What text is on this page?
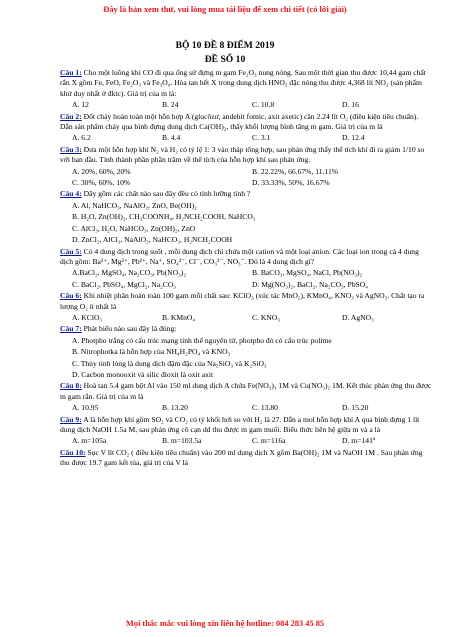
Đây là bản xem thử, vui lòng mua tài liệu để xem chi tiết (có lời giải)
BỘ 10 ĐỀ 8 ĐIỂM 2019
ĐỀ SỐ 10

Câu 1: Cho một luồng khí CO đi qua ống sứ đựng m gam Fe₂O₃ nung nóng. Sau một thời gian thu được 10,44 gam chất rắn X gồm Fe, FeO, Fe₂O₃ và Fe₃O₄. Hòa tan hết X trong dung dịch HNO₃ đặc nóng thu được 4,368 lít NO₂ (sản phẩm khử duy nhất ở đktc). Giá trị của m là:

A. 12	B. 24	C. 10.8	D. 16

Câu 2: Đốt cháy hoàn toàn một hỗn hợp A (glucôzơ, andehit fomic, axit axetic) cần 2.24 lít O₂ (điều kiện tiêu chuẩn). Dẫn sản phẩm cháy qua bình đựng dung dịch Ca(OH)₂, thấy khối lượng bình tăng m gam. Giá trị của m là

A. 6.2	B. 4.4	C. 3.1	D. 12.4

Câu 3: Đưa một hỗn hợp khí N₂ và H₂ có tỷ lệ 1: 3 vào tháp tổng hợp, sau phản ứng thấy thể tích khí đi ra giảm 1/10 so với ban đầu. Tính thành phần phần trăm về thể tích của hỗn hợp khí sau phản ứng.

A. 20%, 60%, 20%	B. 22.22%, 66.67%, 11.11%
C. 30%, 60%, 10%	D. 33.33%, 50%, 16.67%

Câu 4: Dãy gồm các chất nào sau đây đều có tính lưỡng tính ?

A. Al, NaHCO₃, NaAlO₂, ZnO, Be(OH)₂
B. H₂O, Zn(OH)₂, CH₃COONH₄, H₂NCH₂COOH, NaHCO₃
C. AlCl₃, H₂O, NaHCO₃, Zn(OH)₂, ZnO
D. ZnCl₂, AlCl₃, NaAlO₂, NaHCO₃, H₂NCH₂COOH

Câu 5: Có 4 dung dịch trong suốt , mỗi dung dịch chỉ chứa một cation và một loại anion. Các loại ion trong cả 4 dung dịch gồm: Ba²⁺, Mg²⁺, Pb²⁺, Na⁺, SO₄²⁻, Cl⁻, CO₃²⁻, NO₃⁻. Đó là 4 dung dịch gì?

A.BaCl₂, MgSO₄, Na₂CO₃, Pb(NO₃)₂	B. BaCO₃, MgSO₄, NaCl, Pb(NO₃)₂
C. BaCl₂, PbSO₄, MgCl₂, Na₂CO₃	D. Mg(NO₃)₂, BaCl₂, Na₂CO₃, PbSO₄

Câu 6: Khi nhiệt phân hoàn toàn 100 gam mỗi chất sau: KClO₃ (xúc tác MnO₂), KMnO₄, KNO₃ và AgNO₃. Chất tạo ra lượng O₂ ít nhất là

A. KClO₃	B. KMnO₄	C. KNO₃	D. AgNO₃

Câu 7: Phát biểu nào sau đây là đúng:

A. Photpho trắng có cấu trúc mạng tinh thể nguyên tử, photpho đỏ có cấu trúc polime
B. Nitrophotka là hỗn hợp của NH₄H₂PO₄ và KNO₃
C. Thủy tinh lỏng là dung dịch đậm đặc của Na₂SiO₃ và K₂SiO₃
D. Cacbon monooxit và silic đioxit là oxit axit

Câu 8: Hoà tan 5.4 gam bột Al vào 150 ml dung dịch A chứa Fe(NO₃)₃ 1M và Cu(NO₃)₂ 1M. Kết thúc phản ứng thu được m gam rắn. Giá trị của m là

A. 10.95	B. 13.20	C. 13.80	D. 15.20

Câu 9: A là hỗn hợp khí gồm SO₂ và CO₂ có tỷ khối hơi so với H₂ là 27. Dẫn a mol hỗn hợp khí A qua bình đựng 1 lít dung dịch NaOH 1.5a M, sau phản ứng cô cạn dd thu được m gam muối. Biểu thức liên hệ giữa m và a là

A. m=105a	B. m=103.5a	C. m=116a	D. m=141ª

Câu 10: Sục V lít CO₂ ( điều kiện tiêu chuẩn) vào 200 ml dung dịch X gồm Ba(OH)₂ 1M và NaOH 1M . Sau phản ứng thu được 19.7 gam kết tủa, giá trị của V là

Mọi thắc mắc vui lòng xin liên hệ hotline: 084 283 45 85
